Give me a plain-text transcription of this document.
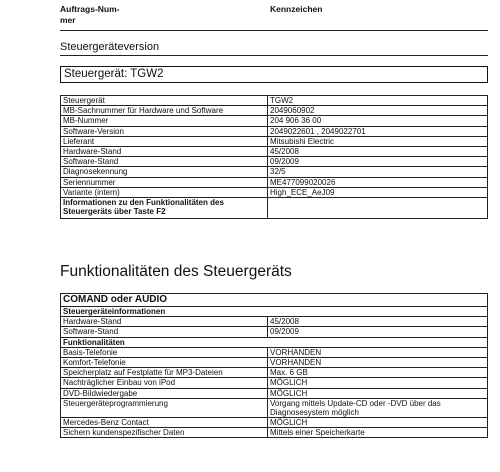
Auftrags-Num-
mer
Kennzeichen
Steuergeräteversion
Steuergerät: TGW2
Steuergerät	TGW2
MB-Sachnummer für Hardware und Software	2049060902
MB-Nummer	204 906 36 00
Software-Version	2049022601 , 2049022701
Lieferant	Mitsubishi Electric
Hardware-Stand	45/2008
Software-Stand	09/2009
Diagnosekennung	32/5
Seriennummer	ME477099020026
Variante (intern)	High_ECE_AeJ09
Informationen zu den Funktionalitäten des Steuergeräts über Taste F2	
Funktionalitäten des Steuergeräts
COMAND oder AUDIO	
Steuergeräteinformationen	
Hardware-Stand	45/2008
Software-Stand	09/2009
Funktionalitäten	
Basis-Telefonie	VORHANDEN
Komfort-Telefonie	VORHANDEN
Speicherplatz auf Festplatte für MP3-Dateien	Max. 6 GB
Nachträglicher Einbau von iPod	MÖGLICH
DVD-Bildwiedergabe	MÖGLICH
Steuergeräteprogrammierung	Vorgang mittels Update-CD oder -DVD über das Diagnosesystem möglich
Mercedes-Benz Contact	MÖGLICH
Sichern kundenspezifischer Daten	Mittels einer Speicherkarte
